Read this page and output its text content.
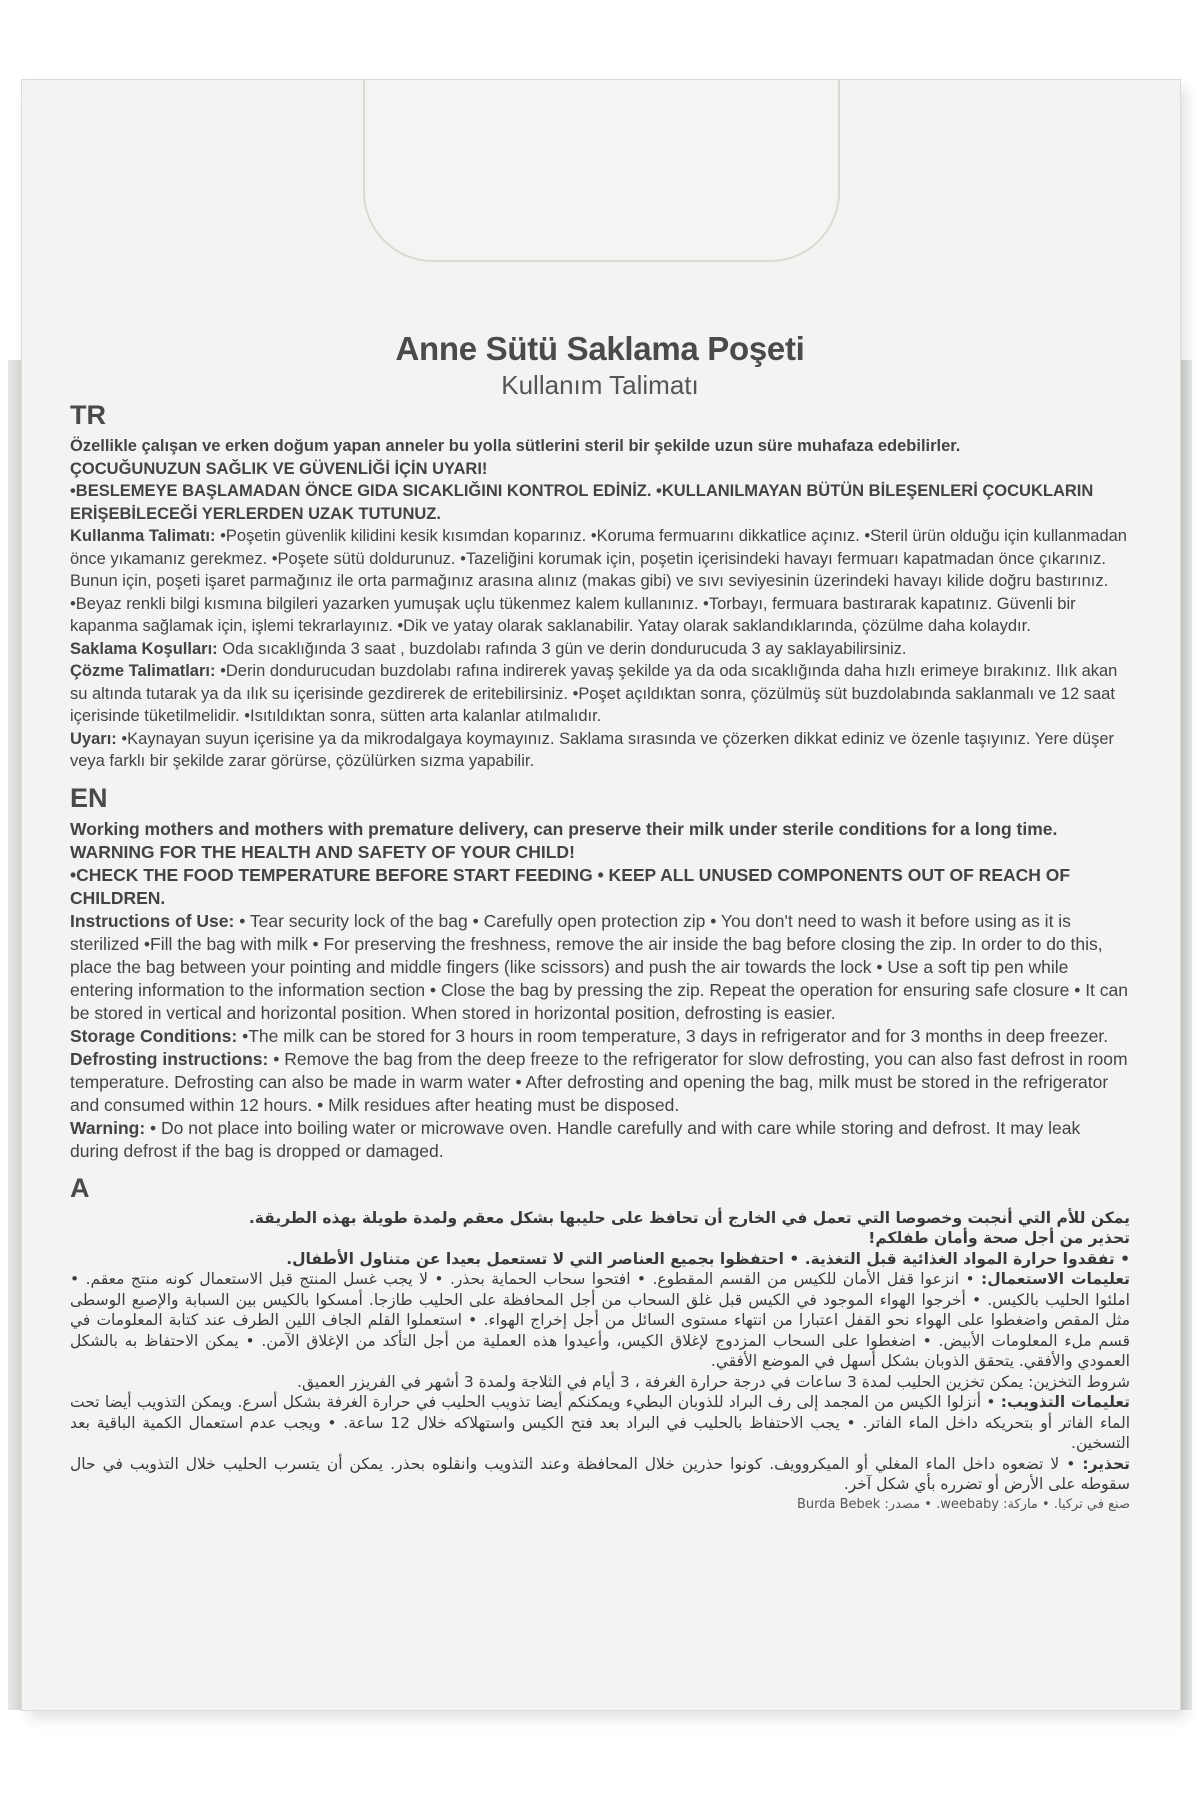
Anne Sütü Saklama Poşeti
Kullanım Talimatı
TR

Özellikle çalışan ve erken doğum yapan anneler bu yolla sütlerini steril bir şekilde uzun süre muhafaza edebilirler.

ÇOCUĞUNUZUN SAĞLIK VE GÜVENLİĞİ İÇİN UYARI!

•BESLEMEYE BAŞLAMADAN ÖNCE GIDA SICAKLIĞINI KONTROL EDİNİZ. •KULLANILMAYAN BÜTÜN BİLEŞENLERİ ÇOCUKLARIN ERİŞEBİLECEĞİ YERLERDEN UZAK TUTUNUZ.

Kullanma Talimatı: •Poşetin güvenlik kilidini kesik kısımdan koparınız. •Koruma fermuarını dikkatlice açınız. •Steril ürün olduğu için kullanmadan önce yıkamanız gerekmez. •Poşete sütü doldurunuz. •Tazeliğini korumak için, poşetin içerisindeki havayı fermuarı kapatmadan önce çıkarınız. Bunun için, poşeti işaret parmağınız ile orta parmağınız arasına alınız (makas gibi) ve sıvı seviyesinin üzerindeki havayı kilide doğru bastırınız. •Beyaz renkli bilgi kısmına bilgileri yazarken yumuşak uçlu tükenmez kalem kullanınız. •Torbayı, fermuara bastırarak kapatınız. Güvenli bir kapanma sağlamak için, işlemi tekrarlayınız. •Dik ve yatay olarak saklanabilir. Yatay olarak saklandıklarında, çözülme daha kolaydır.

Saklama Koşulları: Oda sıcaklığında 3 saat , buzdolabı rafında 3 gün ve derin dondurucuda 3 ay saklayabilirsiniz.

Çözme Talimatları: •Derin dondurucudan buzdolabı rafına indirerek yavaş şekilde ya da oda sıcaklığında daha hızlı erimeye bırakınız. Ilık akan su altında tutarak ya da ılık su içerisinde gezdirerek de eritebilirsiniz. •Poşet açıldıktan sonra, çözülmüş süt buzdolabında saklanmalı ve 12 saat içerisinde tüketilmelidir. •Isıtıldıktan sonra, sütten arta kalanlar atılmalıdır.

Uyarı: •Kaynayan suyun içerisine ya da mikrodalgaya koymayınız. Saklama sırasında ve çözerken dikkat ediniz ve özenle taşıyınız. Yere düşer veya farklı bir şekilde zarar görürse, çözülürken sızma yapabilir.

EN

Working mothers and mothers with premature delivery, can preserve their milk under sterile conditions for a long time.

WARNING FOR THE HEALTH AND SAFETY OF YOUR CHILD!

•CHECK THE FOOD TEMPERATURE BEFORE START FEEDING • KEEP ALL UNUSED COMPONENTS OUT OF REACH OF CHILDREN.

Instructions of Use: • Tear security lock of the bag • Carefully open protection zip • You don't need to wash it before using as it is sterilized •Fill the bag with milk • For preserving the freshness, remove the air inside the bag before closing the zip. In order to do this, place the bag between your pointing and middle fingers (like scissors) and push the air towards the lock • Use a soft tip pen while entering information to the information section • Close the bag by pressing the zip. Repeat the operation for ensuring safe closure • It can be stored in vertical and horizontal position. When stored in horizontal position, defrosting is easier.

Storage Conditions: •The milk can be stored for 3 hours in room temperature, 3 days in refrigerator and for 3 months in deep freezer.

Defrosting instructions: • Remove the bag from the deep freeze to the refrigerator for slow defrosting, you can also fast defrost in room temperature. Defrosting can also be made in warm water • After defrosting and opening the bag, milk must be stored in the refrigerator and consumed within 12 hours. • Milk residues after heating must be disposed.

Warning: • Do not place into boiling water or microwave oven. Handle carefully and with care while storing and defrost. It may leak during defrost if the bag is dropped or damaged.

A

يمكن للأم التي أنجبت وخصوصا التي تعمل في الخارج أن تحافظ على حليبها بشكل معقم ولمدة طويلة بهذه الطريقة.

تحذير من أجل صحة وأمان طفلكم!

• تفقدوا حرارة المواد الغذائية قبل التغذية. • احتفظوا بجميع العناصر التي لا تستعمل بعيدا عن متناول الأطفال.

تعليمات الاستعمال: • انزعوا قفل الأمان للكيس من القسم المقطوع. • افتحوا سحاب الحماية بحذر. • لا يجب غسل المنتج قبل الاستعمال كونه منتج معقم. • املئوا الحليب بالكيس. • أخرجوا الهواء الموجود في الكيس قبل غلق السحاب من أجل المحافظة على الحليب طازجا. أمسكوا بالكيس بين السبابة والإصبع الوسطى مثل المقص واضغطوا على الهواء نحو القفل اعتبارا من انتهاء مستوى السائل من أجل إخراج الهواء. • استعملوا القلم الجاف اللين الطرف عند كتابة المعلومات في قسم ملء المعلومات الأبيض. • اضغطوا على السحاب المزدوج لإغلاق الكيس، وأعيدوا هذه العملية من أجل التأكد من الإغلاق الآمن. • يمكن الاحتفاظ به بالشكل العمودي والأفقي. يتحقق الذوبان بشكل أسهل في الموضع الأفقي.

شروط التخزين: يمكن تخزين الحليب لمدة 3 ساعات في درجة حرارة الغرفة ، 3 أيام في الثلاجة ولمدة 3 أشهر في الفريزر العميق.

تعليمات التذويب: • أنزلوا الكيس من المجمد إلى رف البراد للذوبان البطيء ويمكنكم أيضا تذويب الحليب في حرارة الغرفة بشكل أسرع. ويمكن التذويب أيضا تحت الماء الفاتر أو بتحريكه داخل الماء الفاتر. • يجب الاحتفاظ بالحليب في البراد بعد فتح الكيس واستهلاكه خلال 12 ساعة. • ويجب عدم استعمال الكمية الباقية بعد التسخين.

تحذير: • لا تضعوه داخل الماء المغلي أو الميكروويف. كونوا حذرين خلال المحافظة وعند التذويب وانقلوه بحذر. يمكن أن يتسرب الحليب خلال التذويب في حال سقوطه على الأرض أو تضرره بأي شكل آخر.

صنع في تركيا. • ماركة: weebaby. • مصدر: Burda Bebek
